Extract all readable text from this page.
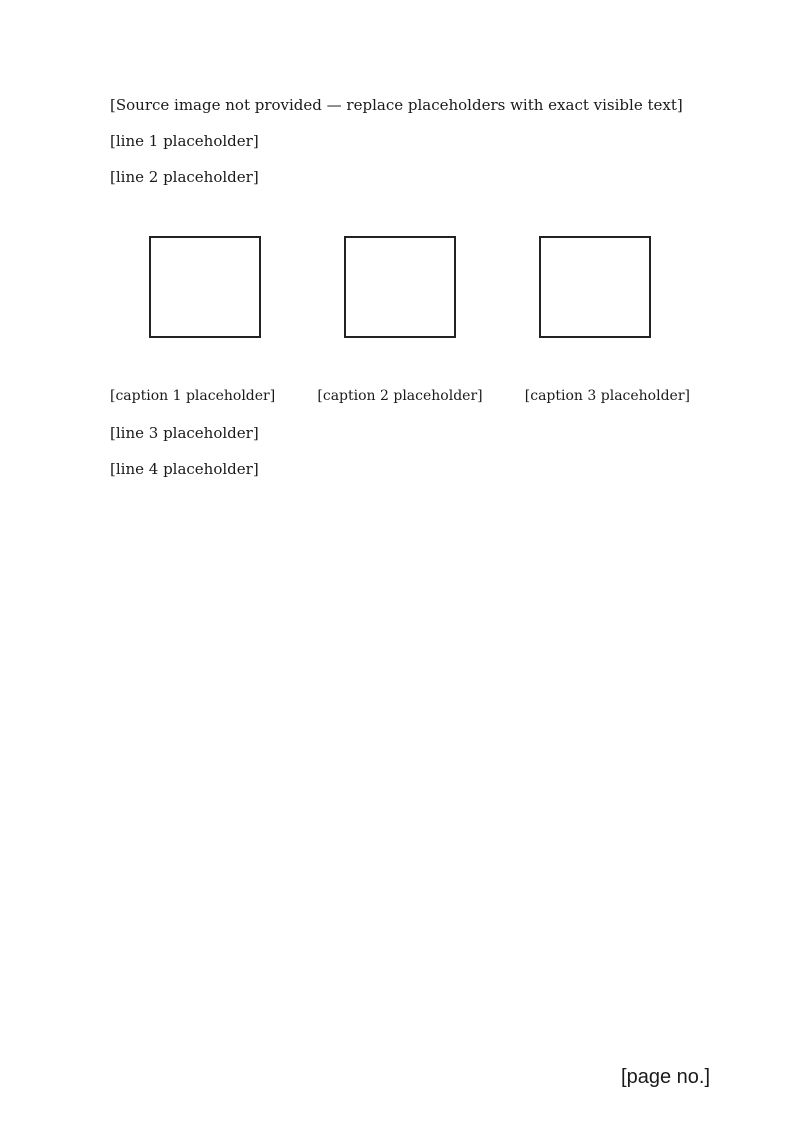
[Source image not provided — replace placeholders with exact visible text]

[line 1 placeholder]

[line 2 placeholder]

[caption 1 placeholder]	[caption 2 placeholder]	[caption 3 placeholder]

[line 3 placeholder]

[line 4 placeholder]

[page no.]
